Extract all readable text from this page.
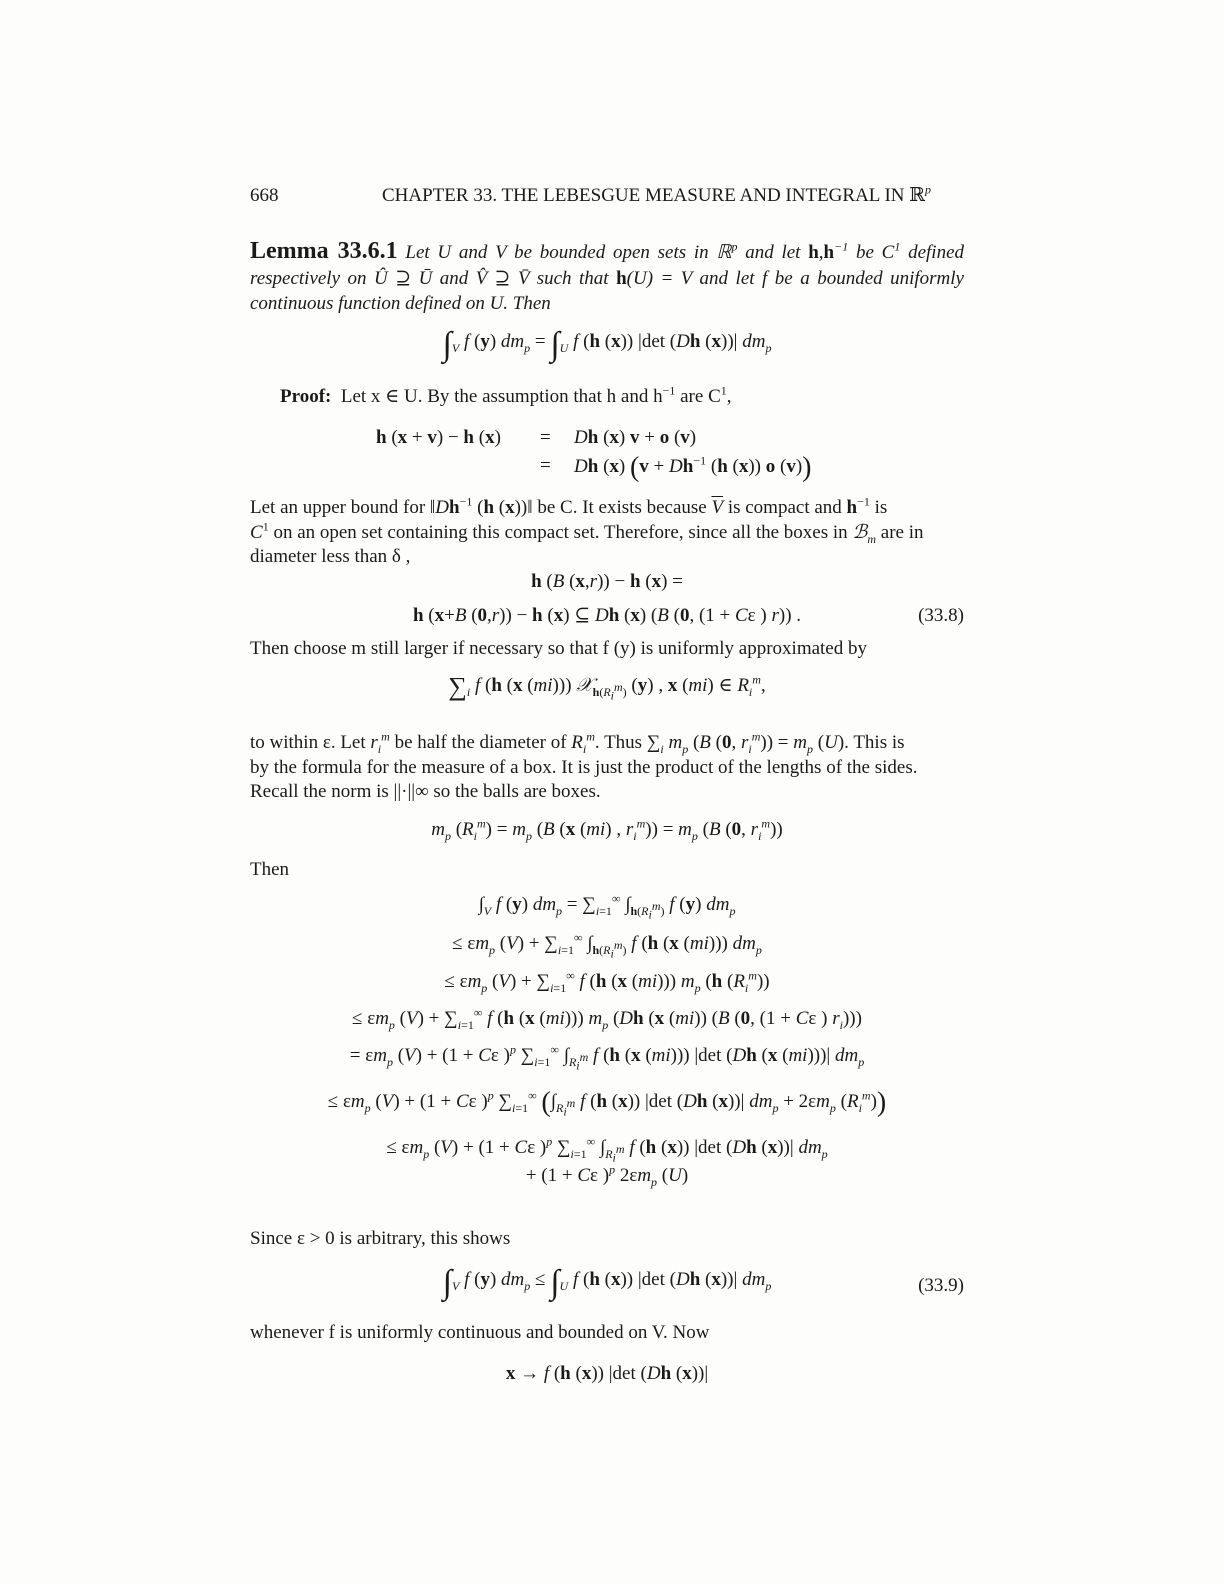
668	CHAPTER 33. THE LEBESGUE MEASURE AND INTEGRAL IN ℝ$^p$

Lemma 33.6.1 Let U and V be bounded open sets in ℝ$^p$ and let $h,h^{-1}$ be $C^1$ defined respectively on Û ⊇ Ū and V̂ ⊇ V̄ such that h(U) = V and let f be a bounded uniformly continuous function defined on U. Then

$\int_V$ f (y) $dm_p = \int_U$ f (h (x)) |det (Dh (x))| $dm_p$
Proof: Let x ∈ U. By the assumption that h and $h^{-1}$ are $C^1$,
h (x + v) − h (x) = Dh (x) v + o (v)
= Dh (x) ($v + Dh^{-1}$ (h (x)) o (v))

Let an upper bound for $‖Dh^{-1}$ (h (x))‖ be C. It exists because $\overline{V}$ is compact and $h^{-1}$ is
$C^1$ on an open set containing this compact set. Therefore, since all the boxes in ℬ$_m$ are in
diameter less than δ ,

h (B (x,r)) − h (x) =
h (x+B (0,r)) − h (x) ⊆ Dh (x) (B (0, (1 + Cε ) r)) .	(33.8)

Then choose m still larger if necessary so that f (y) is uniformly approximated by

$\sum_i$ f (h (x (mi))) 𝒳$_{h(R_i^m)}$ (y) , x (mi) ∈ $R_i^m$,

to within ε. Let $r_i^m$ be half the diameter of $R_i^m$. Thus $\sum_i$ $m_p$ (B (0, $r_i^m)) = m_p$ (U). This is
by the formula for the measure of a box. It is just the product of the lengths of the sides.
Recall the norm is ||·||∞ so the balls are boxes.

$m_p$ $(R_i^m) = m_p$ (B (x (mi) , $r_i^m)) = m_p$ (B (0, $r_i^m$))
Then
$\int_V$ f (y) $dm_p = \sum_{i=1}^\infty$ $\int_{h(R_i^m)}$ f (y) $dm_p$
≤ $\varepsilon m_p$ $(V) + \sum_{i=1}^\infty$ $\int_{h(R_i^m)}$ f (h (x (mi))) $dm_p$
≤ $\varepsilon m_p$ $(V) + \sum_{i=1}^\infty$ f (h (x (mi))) $m_p$ (h $(R_i^m)$)
≤ $\varepsilon m_p$ $(V) + \sum_{i=1}^\infty$ f (h (x (mi))) $m_p$ (Dh (x (mi)) (B (0, (1 + Cε ) $r_i$)))
= $\varepsilon m_p$ (V) + (1 + Cε )$^p$ $\sum_{i=1}^\infty$ $\int_{R_i^m}$ f (h (x (mi))) |det (Dh (x (mi)))| $dm_p$
≤ $\varepsilon m_p$ (V) + (1 + Cε )$^p$ $\sum_{i=1}^\infty$ ($\int_{R_i^m}$ f (h (x)) |det (Dh (x))| $dm_p + 2\varepsilon m_p$ $(R_i^m)$)
≤ $\varepsilon m_p$ (V) + (1 + Cε )$^p$ $\sum_{i=1}^\infty$ $\int_{R_i^m}$ f (h (x)) |det (Dh (x))| $dm_p$
+ (1 + Cε )$^p$ $2\varepsilon m_p$ (U)
Since ε > 0 is arbitrary, this shows
$\int_V$ f (y) $dm_p \le \int_U$ f (h (x)) |det (Dh (x))| $dm_p$	(33.9)
whenever f is uniformly continuous and bounded on V. Now
x → f (h (x)) |det (Dh (x))|
